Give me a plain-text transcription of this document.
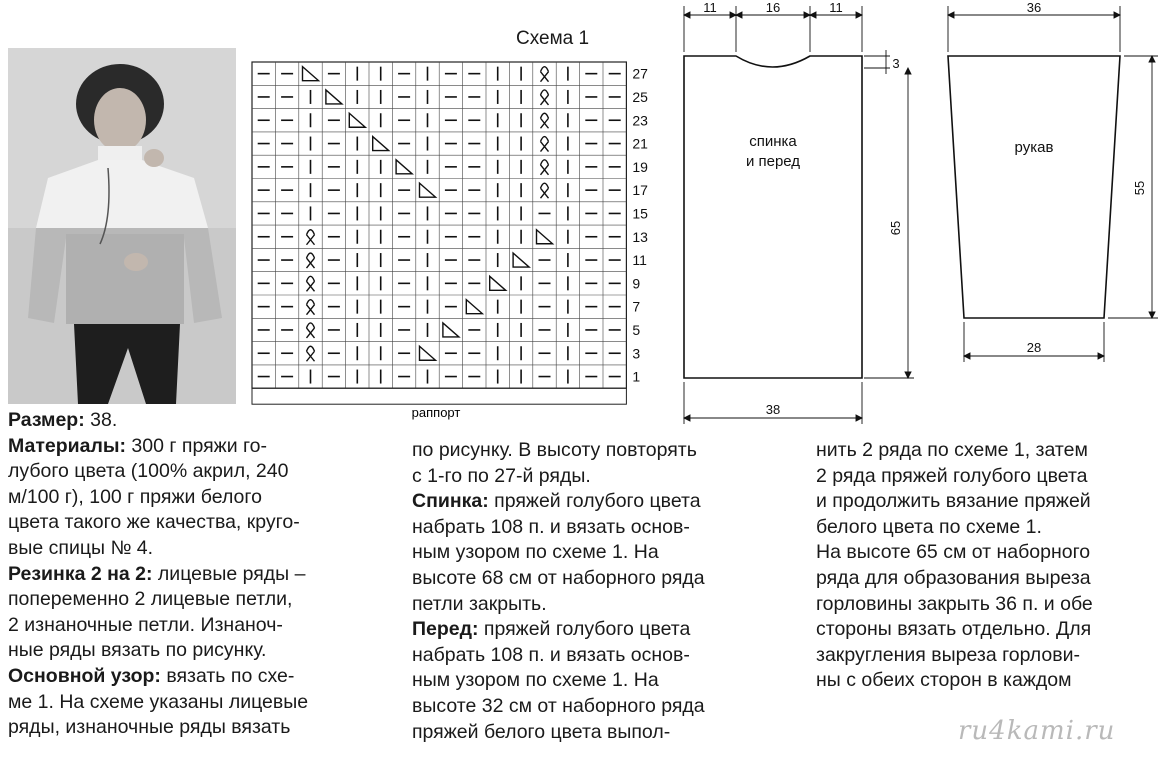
Схема 1
27
25
23
21
19
17
15
13
11
9
7
5
3
1
раппорт
11	16	11
3
65
38
36
55
28
спинка
и перед
рукав

Размер: 38.

Материалы: 300 г пряжи го-

лубого цвета (100% акрил, 240

м/100 г), 100 г пряжи белого

цвета такого же качества, круго-

вые спицы № 4.

Резинка 2 на 2: лицевые ряды –

попеременно 2 лицевые петли,

2 изнаночные петли. Изнаноч-

ные ряды вязать по рисунку.

Основной узор: вязать по схе-

ме 1. На схеме указаны лицевые

ряды, изнаночные ряды вязать

по рисунку. В высоту повторять

с 1-го по 27-й ряды.

Спинка: пряжей голубого цвета

набрать 108 п. и вязать основ-

ным узором по схеме 1. На

высоте 68 см от наборного ряда

петли закрыть.

Перед: пряжей голубого цвета

набрать 108 п. и вязать основ-

ным узором по схеме 1. На

высоте 32 см от наборного ряда

пряжей белого цвета выпол-

нить 2 ряда по схеме 1, затем

2 ряда пряжей голубого цвета

и продолжить вязание пряжей

белого цвета по схеме 1.

На высоте 65 см от наборного

ряда для образования выреза

горловины закрыть 36 п. и обе

стороны вязать отдельно. Для

закругления выреза горлови-

ны с обеих сторон в каждом

ru4kami.ru
